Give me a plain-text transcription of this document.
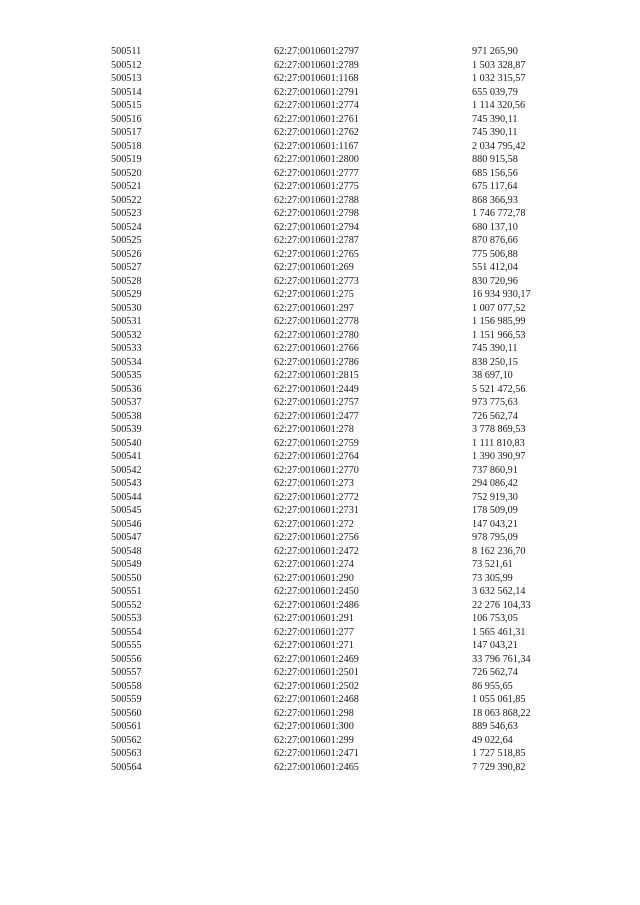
500511	62:27:0010601:2797	971 265,90
500512	62:27:0010601:2789	1 503 328,87
500513	62:27:0010601:1168	1 032 315,57
500514	62:27:0010601:2791	655 039,79
500515	62:27:0010601:2774	1 114 320,56
500516	62:27:0010601:2761	745 390,11
500517	62:27:0010601:2762	745 390,11
500518	62:27:0010601:1167	2 034 795,42
500519	62:27:0010601:2800	880 915,58
500520	62:27:0010601:2777	685 156,56
500521	62:27:0010601:2775	675 117,64
500522	62:27:0010601:2788	868 366,93
500523	62:27:0010601:2798	1 746 772,78
500524	62:27:0010601:2794	680 137,10
500525	62:27:0010601:2787	870 876,66
500526	62:27:0010601:2765	775 506,88
500527	62:27:0010601:269	551 412,04
500528	62:27:0010601:2773	830 720,96
500529	62:27:0010601:275	16 934 930,17
500530	62:27:0010601:297	1 007 077,52
500531	62:27:0010601:2778	1 156 985,99
500532	62:27:0010601:2780	1 151 966,53
500533	62:27:0010601:2766	745 390,11
500534	62:27:0010601:2786	838 250,15
500535	62:27:0010601:2815	38 697,10
500536	62:27:0010601:2449	5 521 472,56
500537	62:27:0010601:2757	973 775,63
500538	62:27:0010601:2477	726 562,74
500539	62:27:0010601:278	3 778 869,53
500540	62:27:0010601:2759	1 111 810,83
500541	62:27:0010601:2764	1 390 390,97
500542	62:27:0010601:2770	737 860,91
500543	62:27:0010601:273	294 086,42
500544	62:27:0010601:2772	752 919,30
500545	62:27:0010601:2731	178 509,09
500546	62:27:0010601:272	147 043,21
500547	62:27:0010601:2756	978 795,09
500548	62:27:0010601:2472	8 162 236,70
500549	62:27:0010601:274	73 521,61
500550	62:27:0010601:290	73 305,99
500551	62:27:0010601:2450	3 632 562,14
500552	62:27:0010601:2486	22 276 104,33
500553	62:27:0010601:291	106 753,05
500554	62:27:0010601:277	1 565 461,31
500555	62:27:0010601:271	147 043,21
500556	62:27:0010601:2469	33 796 761,34
500557	62:27:0010601:2501	726 562,74
500558	62:27:0010601:2502	86 955,65
500559	62:27:0010601:2468	1 055 061,85
500560	62:27:0010601:298	18 063 868,22
500561	62:27:0010601:300	889 546,63
500562	62:27:0010601:299	49 022,64
500563	62:27:0010601:2471	1 727 518,85
500564	62:27:0010601:2465	7 729 390,82
